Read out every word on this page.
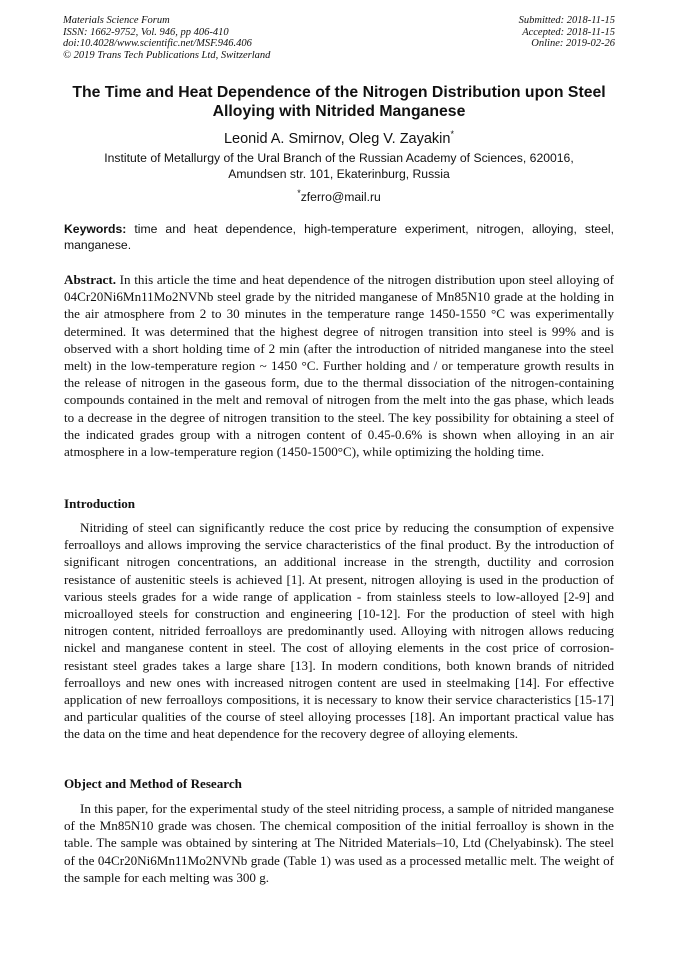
Materials Science Forum
ISSN: 1662-9752, Vol. 946, pp 406-410
doi:10.4028/www.scientific.net/MSF.946.406
© 2019 Trans Tech Publications Ltd, Switzerland
Submitted: 2018-11-15
Accepted: 2018-11-15
Online: 2019-02-26
The Time and Heat Dependence of the Nitrogen Distribution upon Steel
Alloying with Nitrided Manganese
Leonid A. Smirnov, Oleg V. Zayakin*
Institute of Metallurgy of the Ural Branch of the Russian Academy of Sciences, 620016,
Amundsen str. 101, Ekaterinburg, Russia
*zferro@mail.ru
Keywords: time and heat dependence, high-temperature experiment, nitrogen, alloying, steel, manganese.
Abstract. In this article the time and heat dependence of the nitrogen distribution upon steel alloying of 04Cr20Ni6Mn11Mo2NVNb steel grade by the nitrided manganese of Mn85N10 grade at the holding in the air atmosphere from 2 to 30 minutes in the temperature range 1450-1550 °C was experimentally determined. It was determined that the highest degree of nitrogen transition into steel is 99% and is observed with a short holding time of 2 min (after the introduction of nitrided manganese into the steel melt) in the low-temperature region ~ 1450 °C. Further holding and / or temperature growth results in the release of nitrogen in the gaseous form, due to the thermal dissociation of the nitrogen-containing compounds contained in the melt and removal of nitrogen from the melt into the gas phase, which leads to a decrease in the degree of nitrogen transition to the steel. The key possibility for obtaining a steel of the indicated grades group with a nitrogen content of 0.45-0.6% is shown when alloying in an air atmosphere in a low-temperature region (1450-1500°C), while optimizing the holding time.
Introduction

Nitriding of steel can significantly reduce the cost price by reducing the consumption of expensive ferroalloys and allows improving the service characteristics of the final product. By the introduction of significant nitrogen concentrations, an additional increase in the strength, ductility and corrosion resistance of austenitic steels is achieved [1]. At present, nitrogen alloying is used in the production of various steels grades for a wide range of application - from stainless steels to low-alloyed [2-9] and microalloyed steels for construction and engineering [10-12]. For the production of steel with high nitrogen content, nitrided ferroalloys are predominantly used. Alloying with nitrogen allows reducing nickel and manganese content in steel. The cost of alloying elements in the cost price of corrosion-resistant steel grades takes a large share [13]. In modern conditions, both known brands of nitrided ferroalloys and new ones with increased nitrogen content are used in steelmaking [14]. For effective application of new ferroalloys compositions, it is necessary to know their service characteristics [15-17] and particular qualities of the course of steel alloying processes [18]. An important practical value has the data on the time and heat dependence for the recovery degree of alloying elements.

Object and Method of Research

In this paper, for the experimental study of the steel nitriding process, a sample of nitrided manganese of the Mn85N10 grade was chosen. The chemical composition of the initial ferroalloy is shown in the table. The sample was obtained by sintering at The Nitrided Materials–10, Ltd (Chelyabinsk). The steel of the 04Cr20Ni6Mn11Mo2NVNb grade (Table 1) was used as a processed metallic melt. The weight of the sample for each melting was 300 g.
